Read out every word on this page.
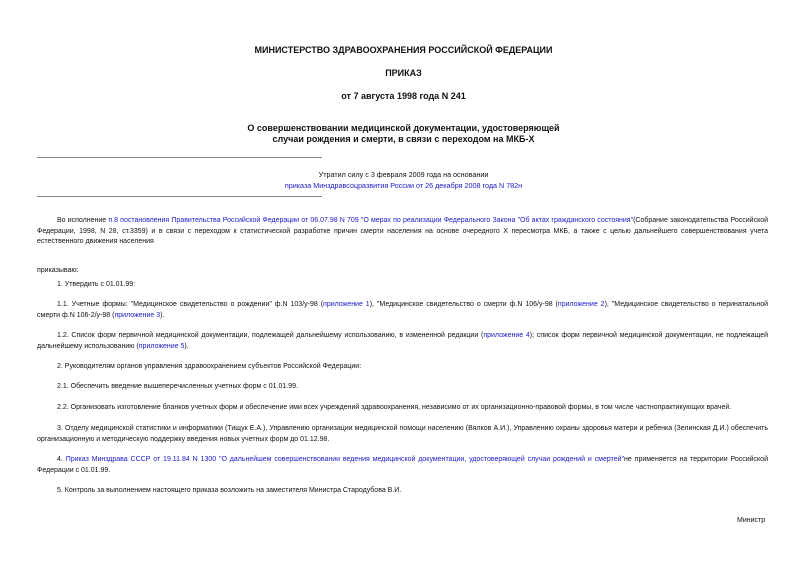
МИНИСТЕРСТВО ЗДРАВООХРАНЕНИЯ РОССИЙСКОЙ ФЕДЕРАЦИИ
ПРИКАЗ
от 7 августа 1998 года N 241
О совершенствовании медицинской документации, удостоверяющей
случаи рождения и смерти, в связи с переходом на МКБ-Х
Утратил силу с 3 февраля 2009 года на основании
приказа Минздравсоцразвития России от 26 декабря 2008 года N 782н

Во исполнение п.8 постановления Правительства Российской Федерации от 06.07.98 N 709 "О мерах по реализации Федерального Закона "Об актах гражданского состояния"(Собрание законодательства Российской Федерации, 1998, N 28, ст.3359) и в связи с переходом к статистической разработке причин смерти населения на основе очередного X пересмотра МКБ, а также с целью дальнейшего совершенствования учета естественного движения населения

приказываю:

1. Утвердить с 01.01.99:

1.1. Учетные формы: "Медицинское свидетельство о рождении" ф.N 103/у-98 (приложение 1), "Медицинское свидетельство о смерти ф.N 106/у-98 (приложение 2), "Медицинское свидетельство о перинатальной смерти ф.N 106-2/у-98 (приложение 3).

1.2. Список форм первичной медицинской документации, подлежащей дальнейшему использованию, в измененной редакции (приложение 4); список форм первичной медицинской документации, не подлежащей дальнейшему использованию (приложение 5).

2. Руководителям органов управления здравоохранением субъектов Российской Федерации:

2.1. Обеспечить введение вышеперечисленных учетных форм с 01.01.99.

2.2. Организовать изготовление бланков учетных форм и обеспечение ими всех учреждений здравоохранения, независимо от их организационно-правовой формы, в том числе частнопрактикующих врачей.

3. Отделу медицинской статистики и информатики (Тищук Е.А.), Управлению организации медицинской помощи населению (Вялков А.И.), Управлению охраны здоровья матери и ребенка (Зелинская Д.И.) обеспечить организационную и методическую поддержку введения новых учетных форм до 01.12.98.

4. Приказ Минздрава СССР от 19.11.84 N 1300 "О дальнейшем совершенствовании ведения медицинской документации, удостоверяющей случаи рождений и смертей"не применяется на территории Российской Федерации с 01.01.99.

5. Контроль за выполнением настоящего приказа возложить на заместителя Министра Стародубова В.И.

Министр
